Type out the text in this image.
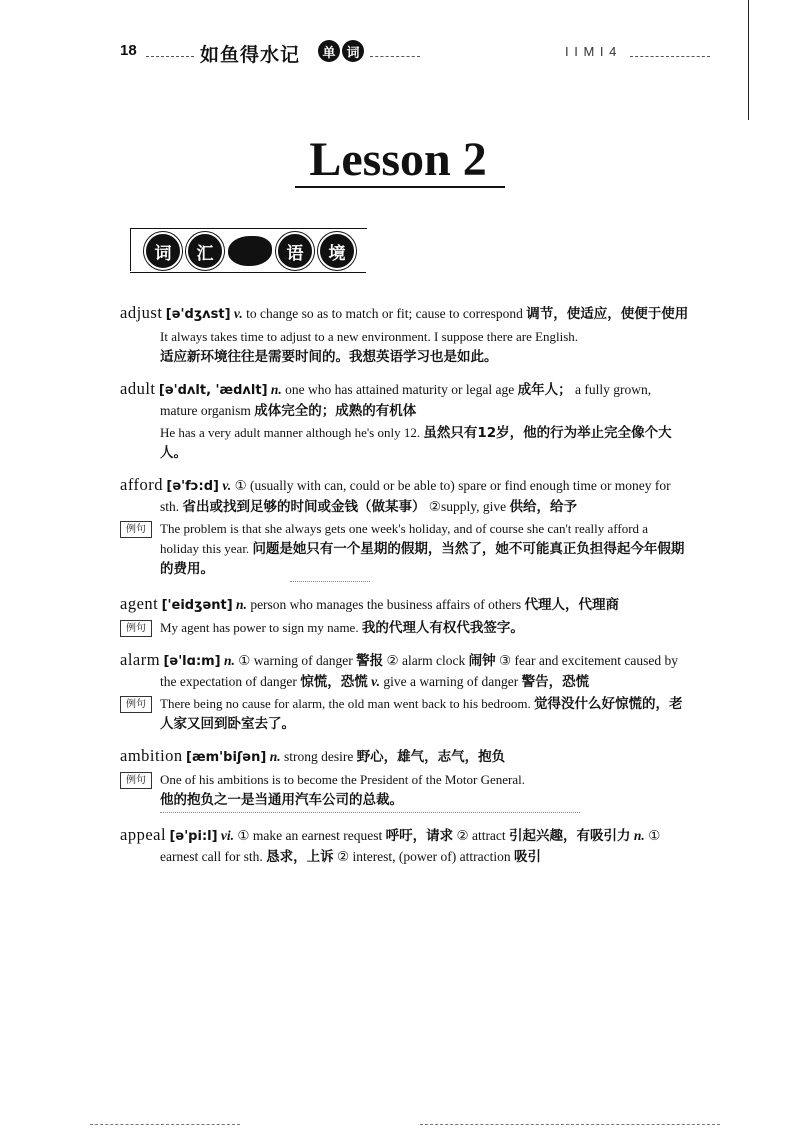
18	如鱼得水记	单 词	I I M I 4
Lesson 2
词	汇	语	境
adjust [ə'dʒʌst] v. to change so as to match or fit; cause to correspond 调节，使适应，使便于使用
It always takes time to adjust to a new environment. I suppose there are English.
适应新环境往往是需要时间的。我想英语学习也是如此。
adult [ə'dʌlt, 'ædʌlt] n. one who has attained maturity or legal age 成年人； a fully grown, mature organism 成体完全的；成熟的有机体
He has a very adult manner although he's only 12. 虽然只有12岁，他的行为举止完全像个大人。
afford [ə'fɔ:d] v. ① (usually with can, could or be able to) spare or find enough time or money for sth. 省出或找到足够的时间或金钱（做某事） ②supply, give 供给，给予
例句	The problem is that she always gets one week's holiday, and of course she can't really afford a holiday this year. 问题是她只有一个星期的假期，当然了，她不可能真正负担得起今年假期的费用。
agent ['eidʒənt] n. person who manages the business affairs of others 代理人，代理商
例句	My agent has power to sign my name. 我的代理人有权代我签字。
alarm [ə'lɑ:m] n. ① warning of danger 警报 ② alarm clock 闹钟 ③ fear and excitement caused by the expectation of danger 惊慌，恐慌 v. give a warning of danger 警告，恐慌
例句	There being no cause for alarm, the old man went back to his bedroom. 觉得没什么好惊慌的，老人家又回到卧室去了。
ambition [æm'biʃən] n. strong desire 野心，雄气，志气，抱负
例句	One of his ambitions is to become the President of the Motor General.
他的抱负之一是当通用汽车公司的总裁。
appeal [ə'pi:l] vi. ① make an earnest request 呼吁，请求 ② attract 引起兴趣，有吸引力 n. ① earnest call for sth. 恳求，上诉 ② interest, (power of) attraction 吸引
